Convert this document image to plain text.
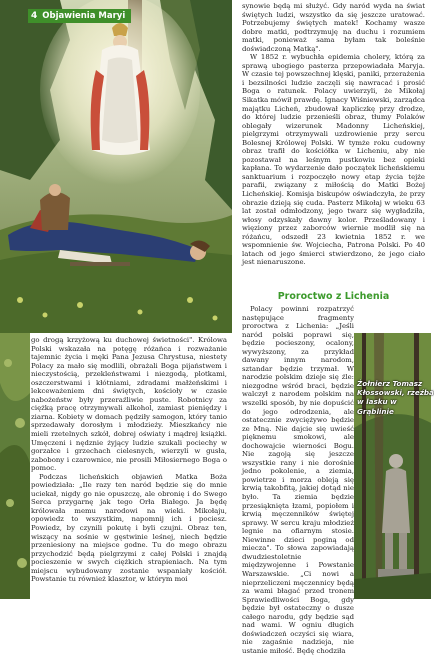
4 Objawienia Maryi

synowie będą mi służyć. Gdy naród wyda na świat świętych ludzi, wszystko da się jeszcze uratować. Potrzebujemy świętych matek! Kochamy wasze dobre matki, podtrzymuję na duchu i rozumiem matki, ponieważ sama byłam tak boleśnie doświadczoną Matką".

W 1852 r. wybuchła epidemia cholery, którą za sprawą ubogiego pasterza przepowiadała Maryja. W czasie tej powszechnej klęski, paniki, przerażenia i bezsilności ludzie zaczęli się nawracać i prosić Boga o ratunek. Polacy uwierzyli, że Mikołaj Sikatka mówił prawdę. Ignacy Wiśniewski, zarządca majątku Licheń, zbudował kapliczkę przy drodze, do której ludzie przenieśli obraz, tłumy Polaków oblegały wizerunek Madonny Licheńskiej, pielgrzymi otrzymywali uzdrowienie przy sercu Bolesnej Królowej Polski. W tymże roku cudowny obraz trafił do kościółka w Licheniu, aby nie pozostawał na leśnym pustkowiu bez opieki kapłana. To wydarzenie dało początek licheńskiemu sanktuarium i rozpoczęło nowy etap życia tejże parafii, związany z miłością do Matki Bożej Licheńskiej. Komisja biskupów oświadczyła, że przy obrazie dzieją się cuda. Pasterz Mikołaj w wieku 63 lat został odmłodzony, jego twarz się wygładziła, włosy odzyskały dawny kolor. Prześladowany i więziony przez zaborców wiernie modlił się na różańcu, odszedł 23 kwietnia 1852 r. we wspomnienie św. Wojciecha, Patrona Polski. Po 40 latach od jego śmierci stwierdzono, że jego ciało jest nienaruszone.

Proroctwo z Lichenia

Polacy powinni rozpatrzyć następujące fragmenty proroctwa z Lichenia: „Jeśli naród polski poprawi się, będzie pocieszony, ocalony, wywyższony, za przykład dawany innym narodom, sztandar będzie trzymał. W narodzie polskim dzieje się źle: niezgodne wśród braci, będzie walczył z narodem polskim na wszelki sposób, by nie dopuścić do jego odrodzenia, ale ostatecznie zwyciężywo będzie ze Mną. Nie dajcie się uwieść pięknemu smokowi, ale dochowajcie wierności Bogu. Nie zagoją się jeszcze wszystkie rany i nie dorośnie jedno pokolenie, a ziemia, powietrze i morza obleją się krwią takobfitą, jakiej dotąd nie było. Ta ziemia będzie przesiąknięta łzami, popiołem i krwią męczenników świętej sprawy. W sercu kraju młodzież legnie na ofiarnym stosie. Niewinne dzieci poginą od miecza". To słowa zapowiadają dwudziestoletnie międzywojenne i Powstanie Warszawskie. „Ci nowi a nieprzeliczeni męczennicy będą za wami błagać przed tronem Sprawiedliwości Boga, gdy będzie był ostateczny o dusze całego narodu, gdy będzie sąd nad wami. W ogniu długich doświadczeń oczyści się wiara, nie zagaśnie nadzieja, nie ustanie miłość. Będę chodziła

Żołnierz Tomasz Kłossowski, rzeźba w lasku w Grąblinie

go drogą krzyżową ku duchowej świetności". Królowa Polski wskazała na potęgę różańca i rozważanie tajemnic życia i męki Pana Jezusa Chrystusa, niestety Polacy za mało się modlili, obrażali Boga pijaństwem i nieczystością, przekleństwami i niezgodą, plotkami, oszczerstwami i kłótniami, zdradami małżeńskimi i lekceważeniem dni świętych, kościoły w czasie nabożeństw były przeraźliwie puste. Robotnicy za ciężką pracę otrzymywali alkohol, zamiast pieniędzy i ziarna. Kobiety w domach pędziły samogon, który tanio sprzedawały dorosłym i młodzieży. Mieszkańcy nie mieli rzetelnych szkół, dobrej oświaty i mądrej książki. Umęczeni i nędznie żyjący ludzie szukali pociechy w gorzałce i grzechach cielesnych, wierzyli w gusła, zabobony i czarownice, nie prosili Miłosiernego Boga o pomoc.

Podczas licheńskich objawień Matka Boża powiedziała: „Ile razy ten naród będzie się do mnie uciekał, nigdy go nie opuszczę, ale obronię i do Swego Serca przygarnę jak tego Orła Białego. Ja będę królowała memu narodowi na wieki. Mikołaju, opowiedz to wszystkim, napomnij ich i pociesz. Powiedz, by czynili pokutę i byli czujni. Obraz ten, wiszący na sośnie w gęstwinie leśnej, niech będzie przeniesiony na miejsce godne. Tu do mego obrazu przychodzić będą pielgrzymi z całej Polski i znajdą pocieszenie w swych ciężkich strapieniach. Na tym miejscu wybudowany zostanie wspaniały kościół. Powstanie tu również klasztor, w którym moi
